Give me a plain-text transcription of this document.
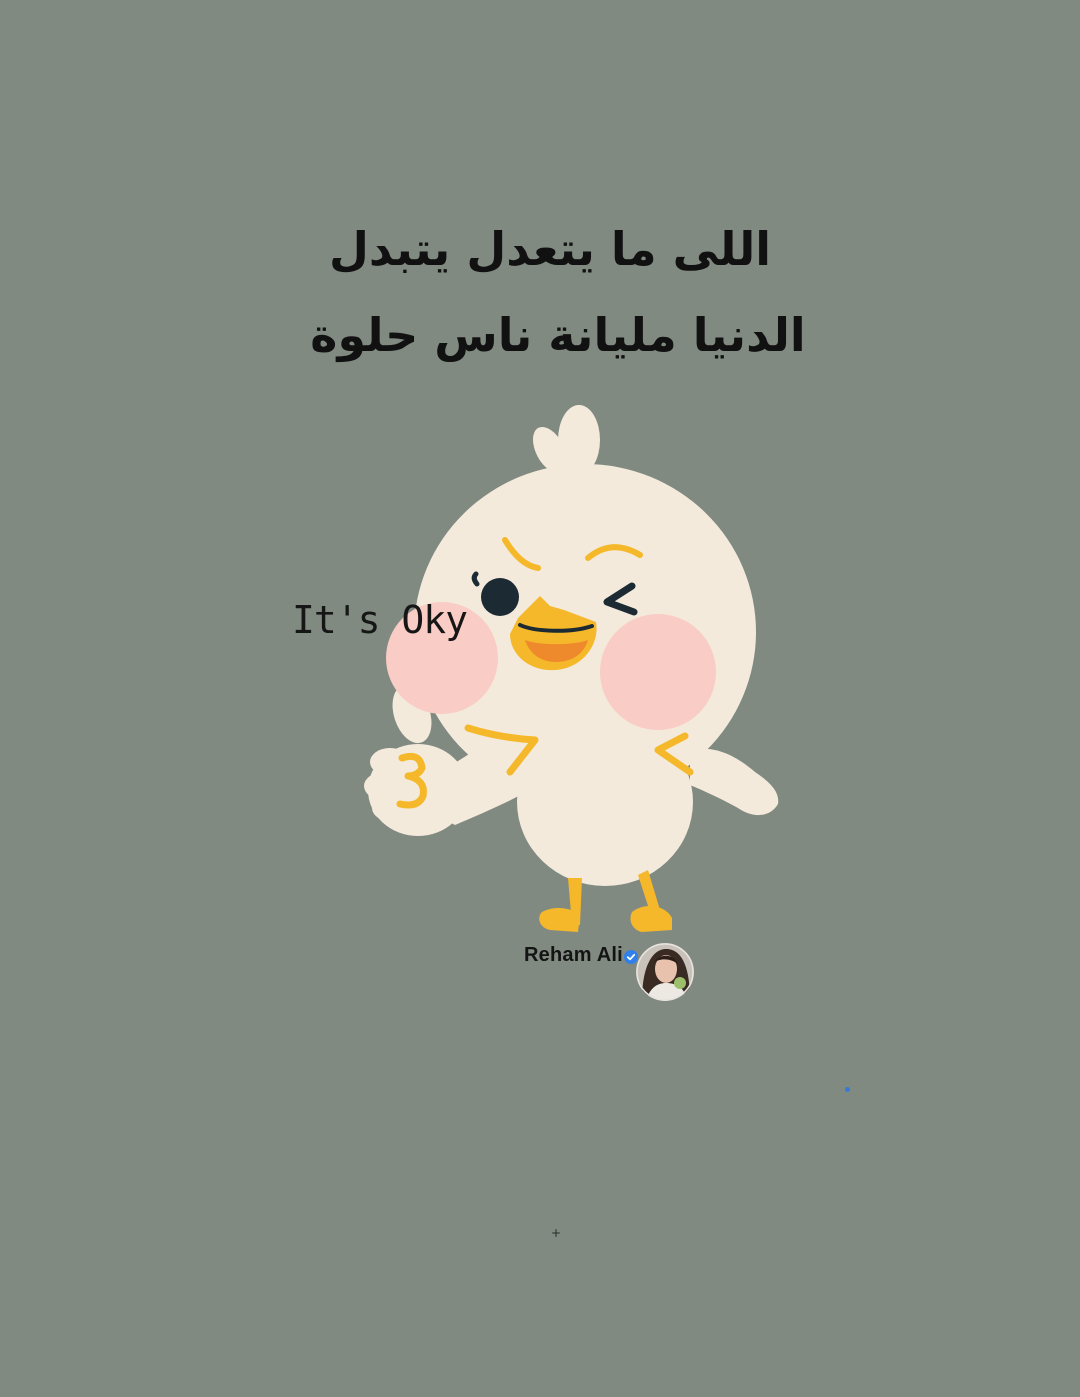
اللى ما يتعدل يتبدل
الدنيا مليانة ناس حلوة
It's Oky
Reham Ali
+
